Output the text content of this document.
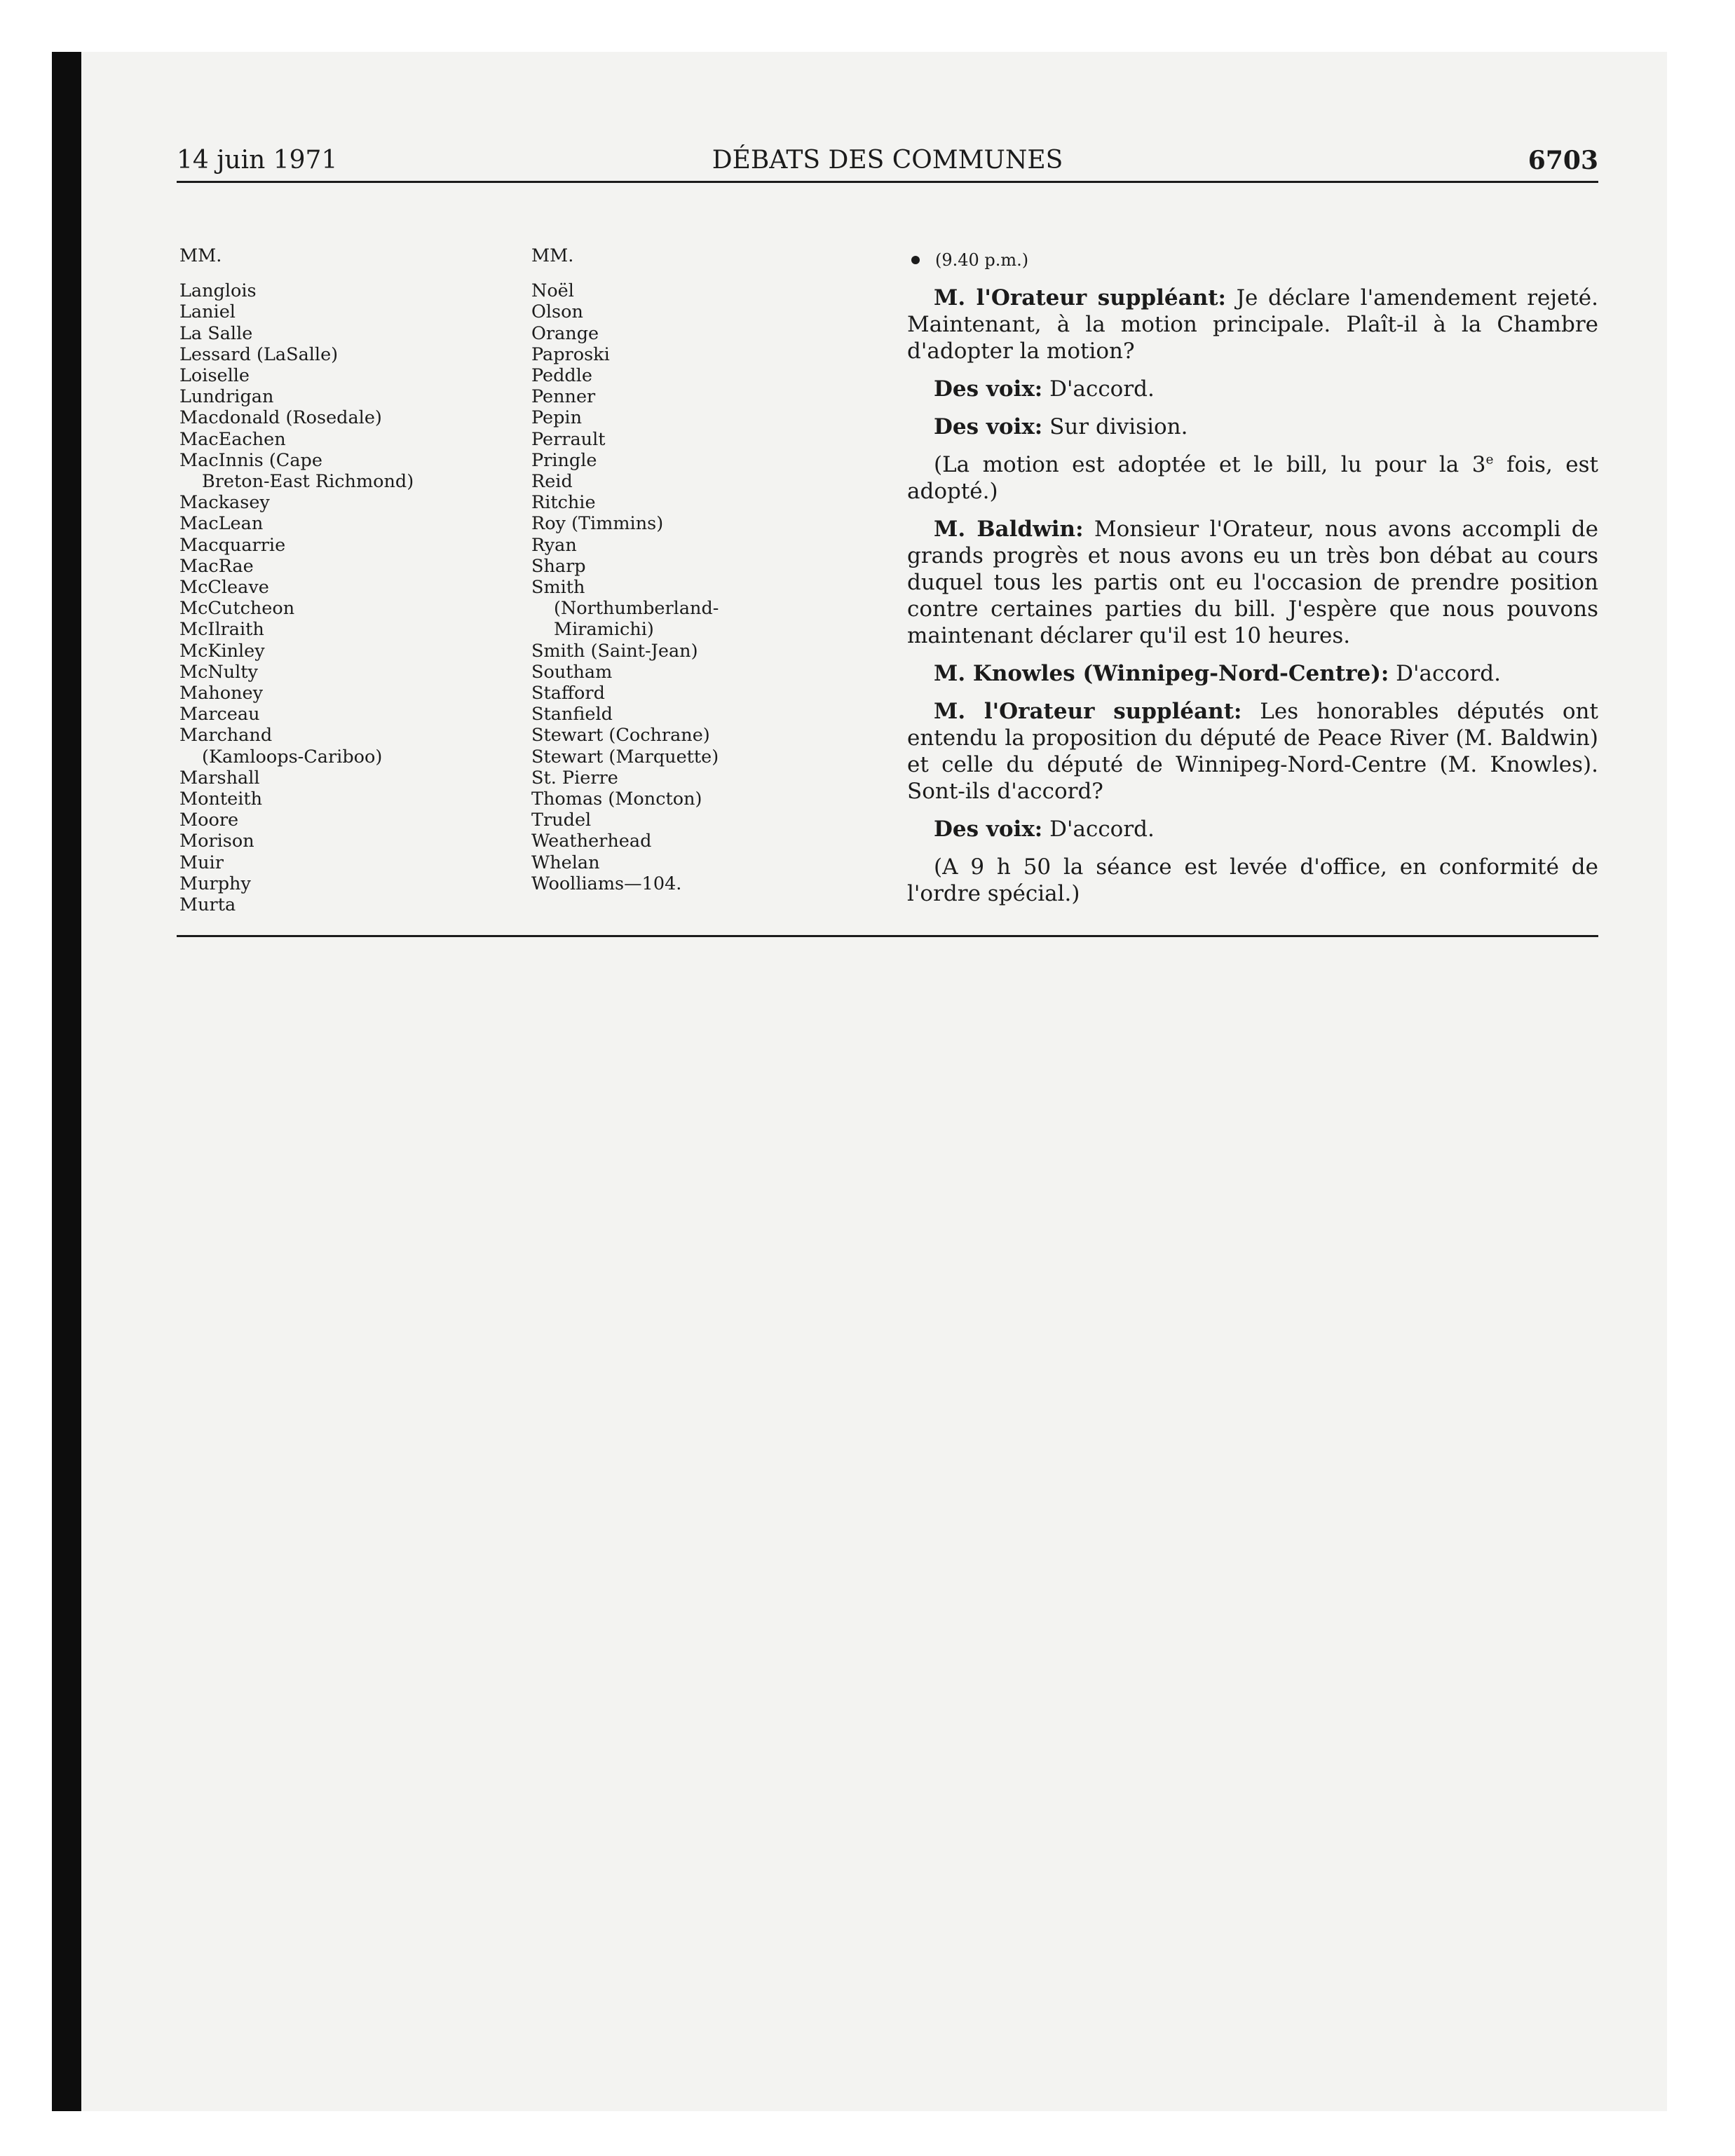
14 juin 1971	DÉBATS DES COMMUNES	6703
MM.
Langlois
Laniel
La Salle
Lessard (LaSalle)
Loiselle
Lundrigan
Macdonald (Rosedale)
MacEachen
MacInnis (Cape
Breton-East Richmond)
Mackasey
MacLean
Macquarrie
MacRae
McCleave
McCutcheon
McIlraith
McKinley
McNulty
Mahoney
Marceau
Marchand
(Kamloops-Cariboo)
Marshall
Monteith
Moore
Morison
Muir
Murphy
Murta
MM.
Noël
Olson
Orange
Paproski
Peddle
Penner
Pepin
Perrault
Pringle
Reid
Ritchie
Roy (Timmins)
Ryan
Sharp
Smith
(Northumberland-
Miramichi)
Smith (Saint-Jean)
Southam
Stafford
Stanfield
Stewart (Cochrane)
Stewart (Marquette)
St. Pierre
Thomas (Moncton)
Trudel
Weatherhead
Whelan
Woolliams—104.
(9.40 p.m.)

M. l'Orateur suppléant: Je déclare l'amendement rejeté. Maintenant, à la motion principale. Plaît-il à la Chambre d'adopter la motion?

Des voix: D'accord.

Des voix: Sur division.

(La motion est adoptée et le bill, lu pour la 3e fois, est adopté.)

M. Baldwin: Monsieur l'Orateur, nous avons accompli de grands progrès et nous avons eu un très bon débat au cours duquel tous les partis ont eu l'occasion de prendre position contre certaines parties du bill. J'espère que nous pouvons maintenant déclarer qu'il est 10 heures.

M. Knowles (Winnipeg-Nord-Centre): D'accord.

M. l'Orateur suppléant: Les honorables députés ont entendu la proposition du député de Peace River (M. Baldwin) et celle du député de Winnipeg-Nord-Centre (M. Knowles). Sont-ils d'accord?

Des voix: D'accord.

(A 9 h 50 la séance est levée d'office, en conformité de l'ordre spécial.)
